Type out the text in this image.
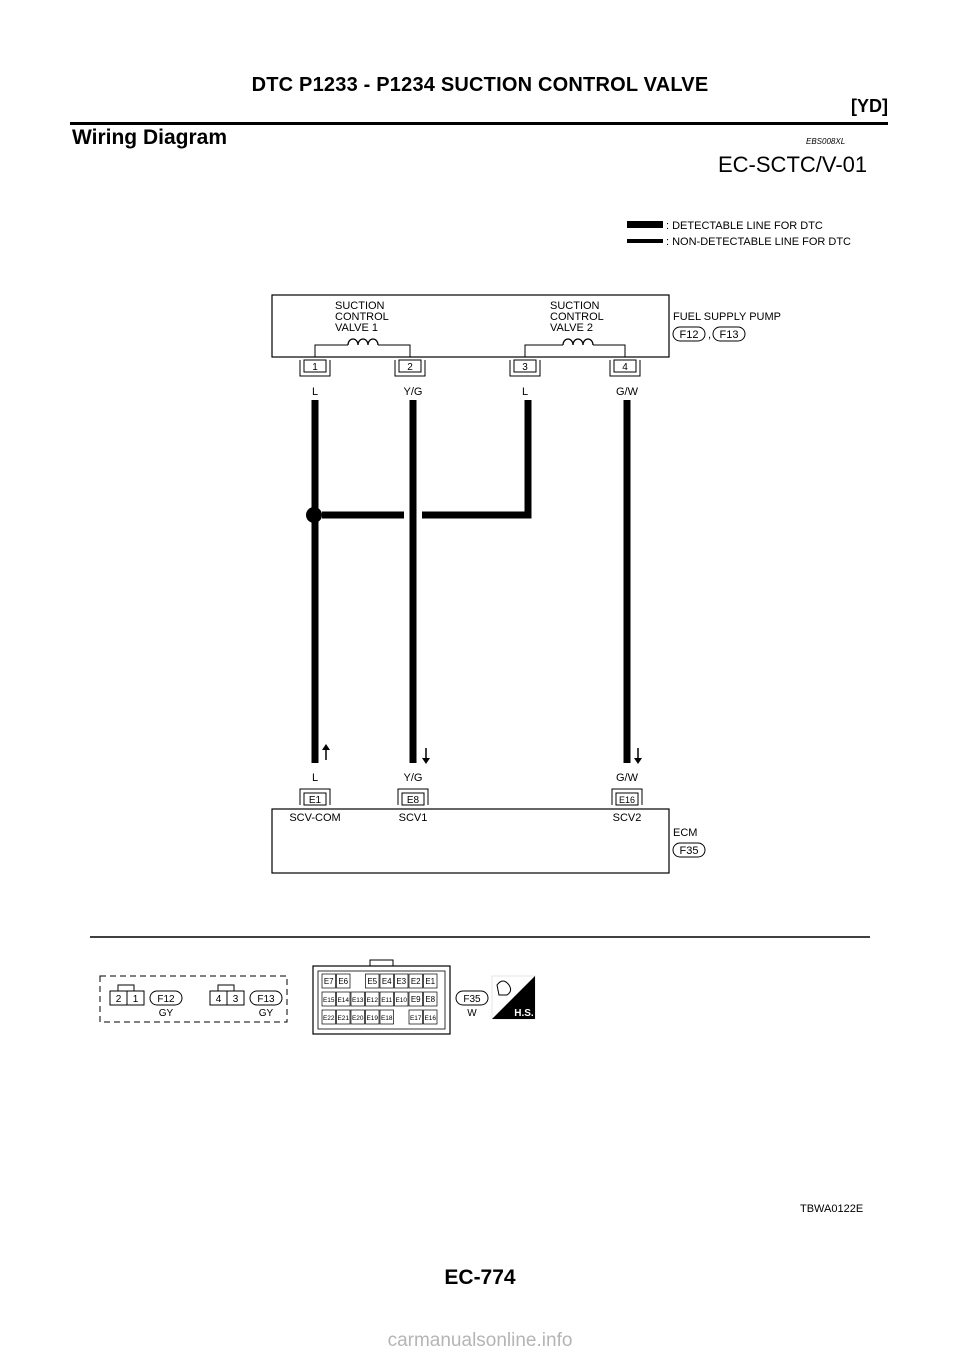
DTC P1233 - P1234 SUCTION CONTROL VALVE
[YD]
Wiring Diagram	EBS008XL
EC-SCTC/V-01
: DETECTABLE LINE FOR DTC
: NON-DETECTABLE LINE FOR DTC
SUCTION CONTROL VALVE 1
SUCTION CONTROL VALVE 2
FUEL SUPPLY PUMP
F12 , F13
1	2	3	4
L	Y/G	L	G/W
L	Y/G	G/W
E1	E8	E16
SCV-COM	SCV1	SCV2
ECM
F35
2 1 F12
GY
4 3 F13
GY
E7 E6 E5 E4 E3 E2 E1
E15 E14 E13 E12 E11 E10 E9 E8
E22 E21 E20 E19 E18	E17 E16
F35
W	H.S.
TBWA0122E
EC-774
carmanualsonline.info
